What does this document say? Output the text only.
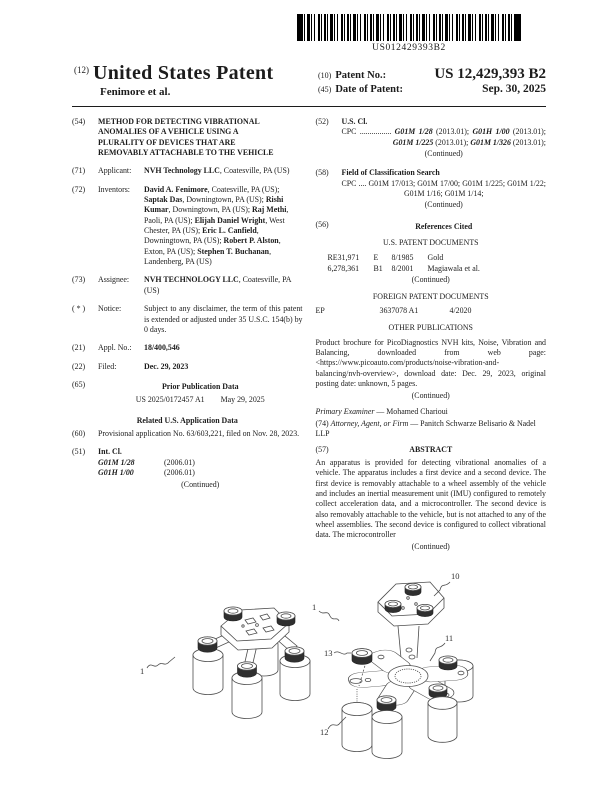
US012429393B2
$^{(12)}$ United States Patent
Fenimore et al.
(10) Patent No.:	US 12,429,393 B2
(45) Date of Patent:	Sep. 30, 2025
(54)	METHOD FOR DETECTING VIBRATIONAL ANOMALIES OF A VEHICLE USING A PLURALITY OF DEVICES THAT ARE REMOVABLY ATTACHABLE TO THE VEHICLE
(71)	Applicant:	NVH Technology LLC, Coatesville, PA (US)
(72)	Inventors:	David A. Fenimore, Coatesville, PA (US); Saptak Das, Downingtown, PA (US); Rishi Kumar, Downingtown, PA (US); Raj Methi, Paoli, PA (US); Elijah Daniel Wright, West Chester, PA (US); Eric L. Canfield, Downingtown, PA (US); Robert P. Alston, Exton, PA (US); Stephen T. Buchanan, Landenberg, PA (US)
(73)	Assignee:	NVH TECHNOLOGY LLC, Coatesville, PA (US)
( * )	Notice:	Subject to any disclaimer, the term of this patent is extended or adjusted under 35 U.S.C. 154(b) by 0 days.
(21)	Appl. No.:	18/400,546
(22)	Filed:	Dec. 29, 2023
(65)	Prior Publication Data
US 2025/0172457 A1 May 29, 2025
Related U.S. Application Data
(60)	Provisional application No. 63/603,221, filed on Nov. 28, 2023.
(51)	Int. Cl.
G01M 1/28	(2006.01)
G01H 1/00	(2006.01)
(Continued)
(52)	U.S. Cl.
CPC ................ G01M 1/28 (2013.01); G01H 1/00 (2013.01); G01M 1/225 (2013.01); G01M 1/326 (2013.01);
(Continued)
(58)	Field of Classification Search
CPC .... G01M 17/013; G01M 17/00; G01M 1/225; G01M 1/22; G01M 1/16; G01M 1/14;
(Continued)
(56)	References Cited
U.S. PATENT DOCUMENTS
RE31,971	E	8/1985	Gold
6,278,361	B1	8/2001	Magiawala et al.
(Continued)
FOREIGN PATENT DOCUMENTS
EP	3637078 A1	4/2020
OTHER PUBLICATIONS
Product brochure for PicoDiagnostics NVH kits, Noise, Vibration and Balancing, downloaded from web page: <https://www.picoauto.com/products/noise-vibration-and-balancing/nvh-overview>, download date: Dec. 29, 2023, original posting date: unknown, 5 pages.
(Continued)
Primary Examiner — Mohamed Charioui
(74) Attorney, Agent, or Firm — Panitch Schwarze Belisario & Nadel LLP
(57)	ABSTRACT
An apparatus is provided for detecting vibrational anomalies of a vehicle. The apparatus includes a first device and a second device. The first device is removably attachable to a wheel assembly of the vehicle and includes an inertial measurement unit (IMU) configured to remotely collect acceleration data, and a microcontroller. The second device is also removably attachable to the vehicle, but is not attached to any of the wheel assemblies. The second device is configured to collect vibrational data. The microcontroller
(Continued)
1
10
1
11
13
12
